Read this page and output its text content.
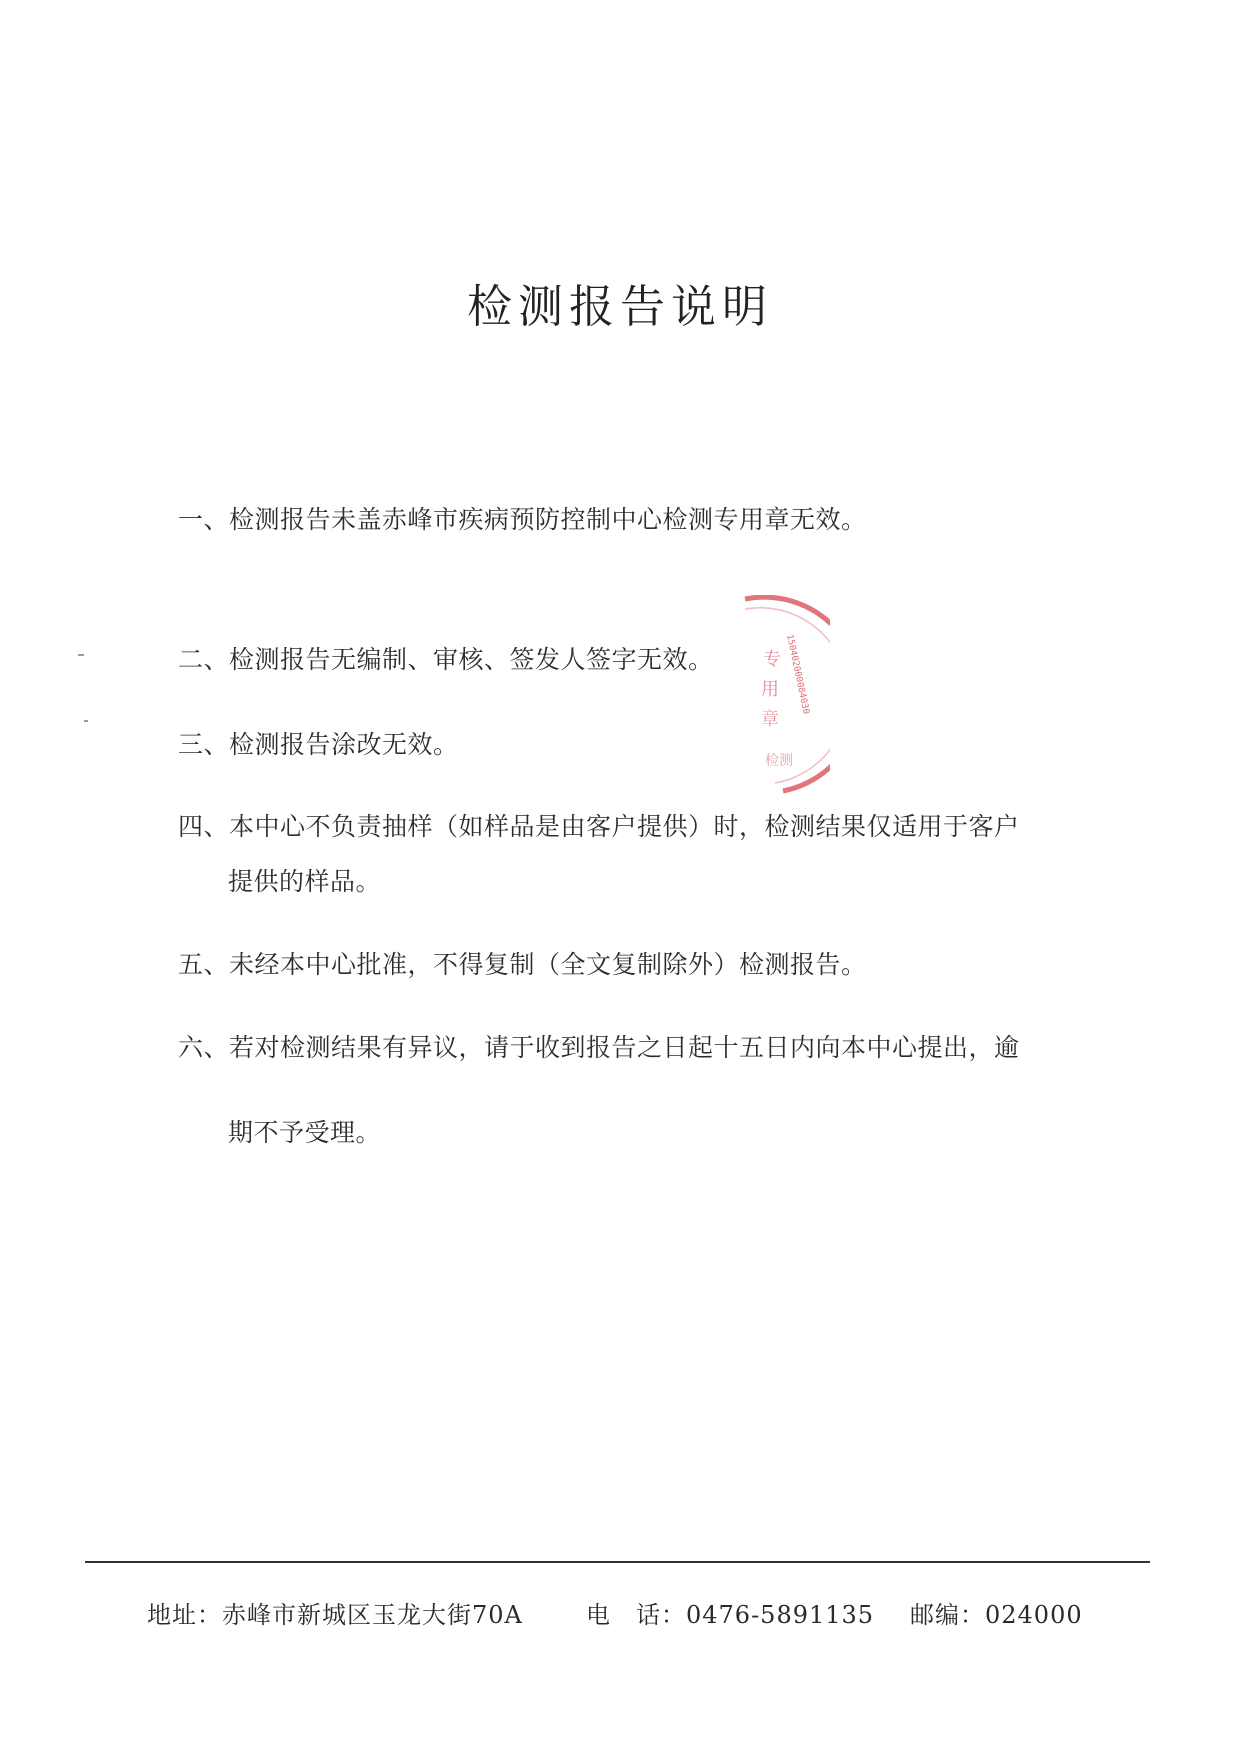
检测报告说明
一、检测报告未盖赤峰市疾病预防控制中心检测专用章无效。
二、检测报告无编制、审核、签发人签字无效。
三、检测报告涂改无效。
四、本中心不负责抽样（如样品是由客户提供）时，检测结果仅适用于客户
提供的样品。
五、未经本中心批准，不得复制（全文复制除外）检测报告。
六、若对检测结果有异议，请于收到报告之日起十五日内向本中心提出，逾
期不予受理。
150402000084030
专
用
章
检测
地址：赤峰市新城区玉龙大街70A	电　话：0476-5891135 邮编：024000
